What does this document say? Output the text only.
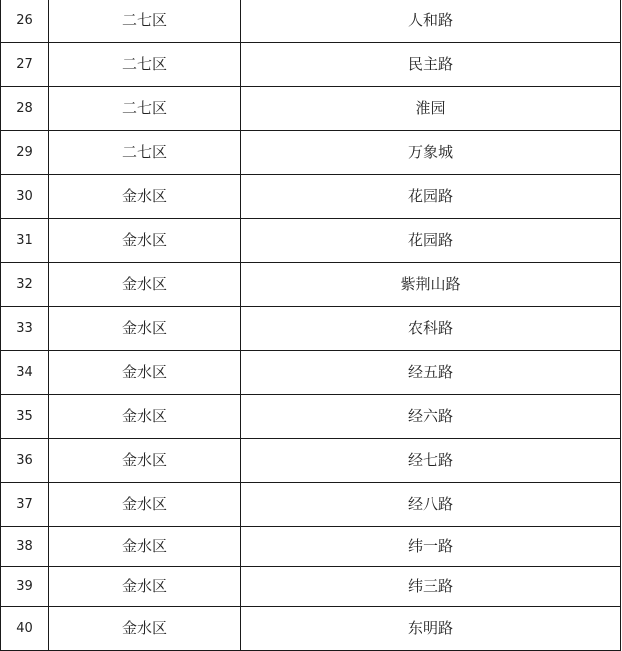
26	二七区	人和路
27	二七区	民主路
28	二七区	淮园
29	二七区	万象城
30	金水区	花园路
31	金水区	花园路
32	金水区	紫荆山路
33	金水区	农科路
34	金水区	经五路
35	金水区	经六路
36	金水区	经七路
37	金水区	经八路
38	金水区	纬一路
39	金水区	纬三路
40	金水区	东明路
